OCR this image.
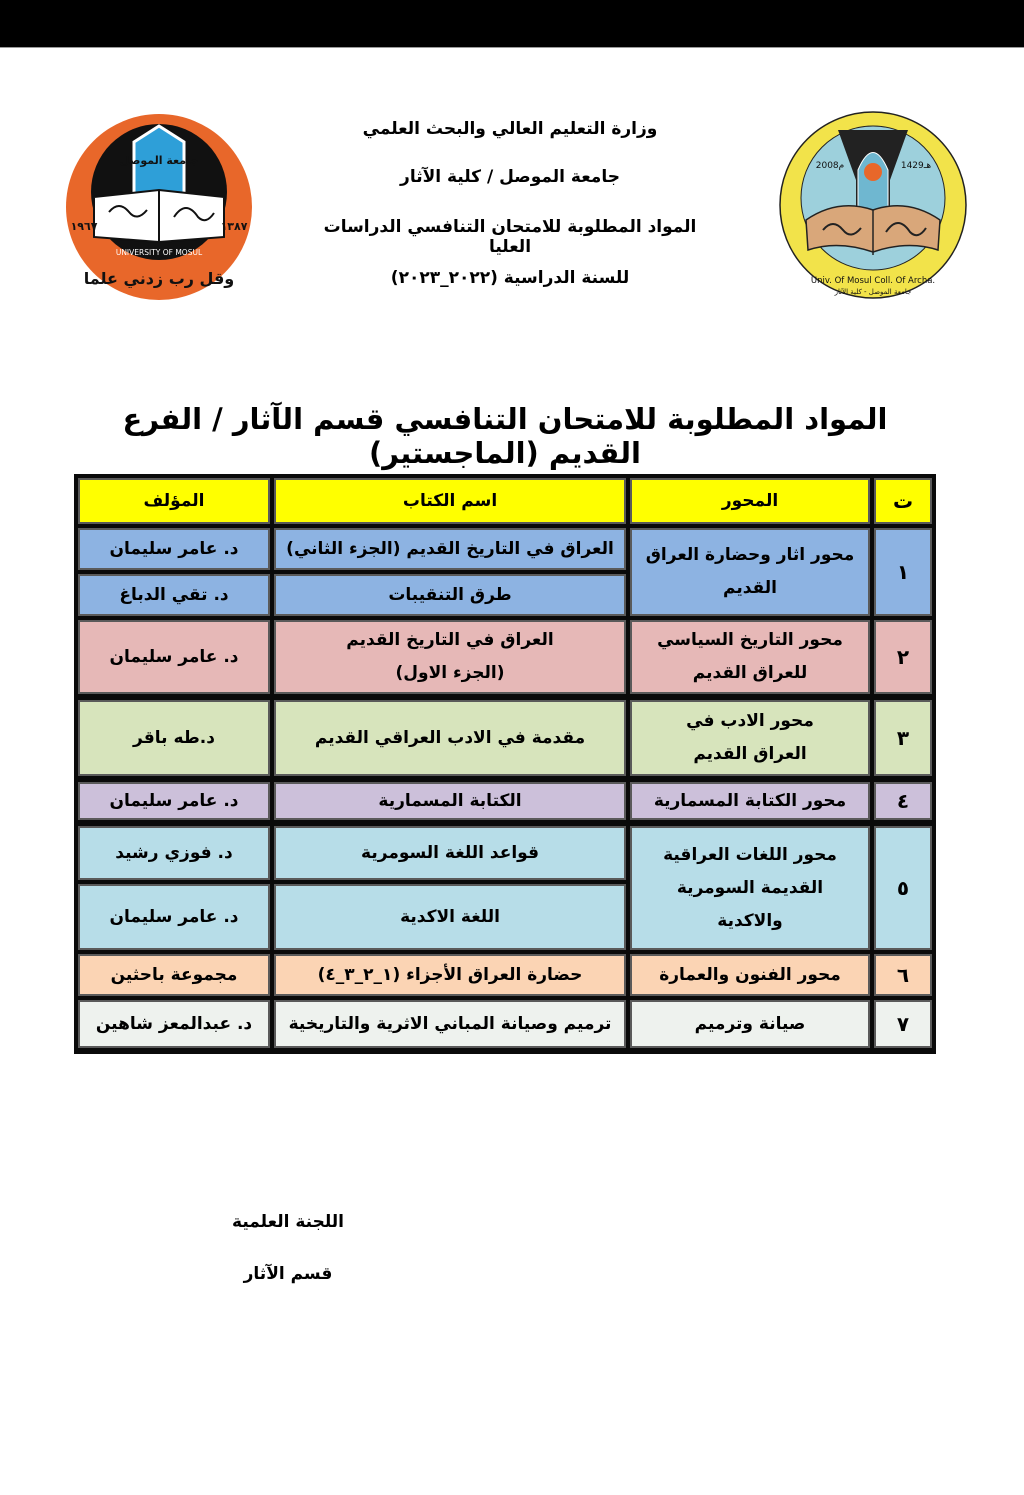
جامعة الموصل
UNIVERSITY OF MOSUL
وقل رب زدني علما
١٣٨٧
١٩٦٧
2008م	1429هـ
Univ. Of Mosul Coll. Of Archa.
جامعة الموصل - كلية الآثار
وزارة التعليم العالي والبحث العلمي
جامعة الموصل / كلية الآثار
المواد المطلوبة للامتحان التنافسي الدراسات العليا
للسنة الدراسية (٢٠٢٢_٢٠٢٣)
المواد المطلوبة للامتحان التنافسي قسم الآثار / الفرع القديم (الماجستير)
ت
المحور
اسم الكتاب
المؤلف
١
محور اثار وحضارة العراق القديم
العراق في التاريخ القديم (الجزء الثاني)
د. عامر سليمان
طرق التنقيبات
د. تقي الدباغ
٢
محور التاريخ السياسي للعراق القديم
العراق في التاريخ القديم (الجزء الاول)
د. عامر سليمان
٣
محور الادب في العراق القديم
مقدمة في الادب العراقي القديم
د.طه باقر
٤
محور الكتابة المسمارية
الكتابة المسمارية
د. عامر سليمان
٥
محور اللغات العراقية القديمة السومرية والاكدية
قواعد اللغة السومرية
د. فوزي رشيد
اللغة الاكدية
د. عامر سليمان
٦
محور الفنون والعمارة
حضارة العراق الأجزاء (١_٢_٣_٤)
مجموعة باحثين
٧
صيانة وترميم
ترميم وصيانة المباني الاثرية والتاريخية
د. عبدالمعز شاهين
اللجنة العلمية
قسم الآثار
